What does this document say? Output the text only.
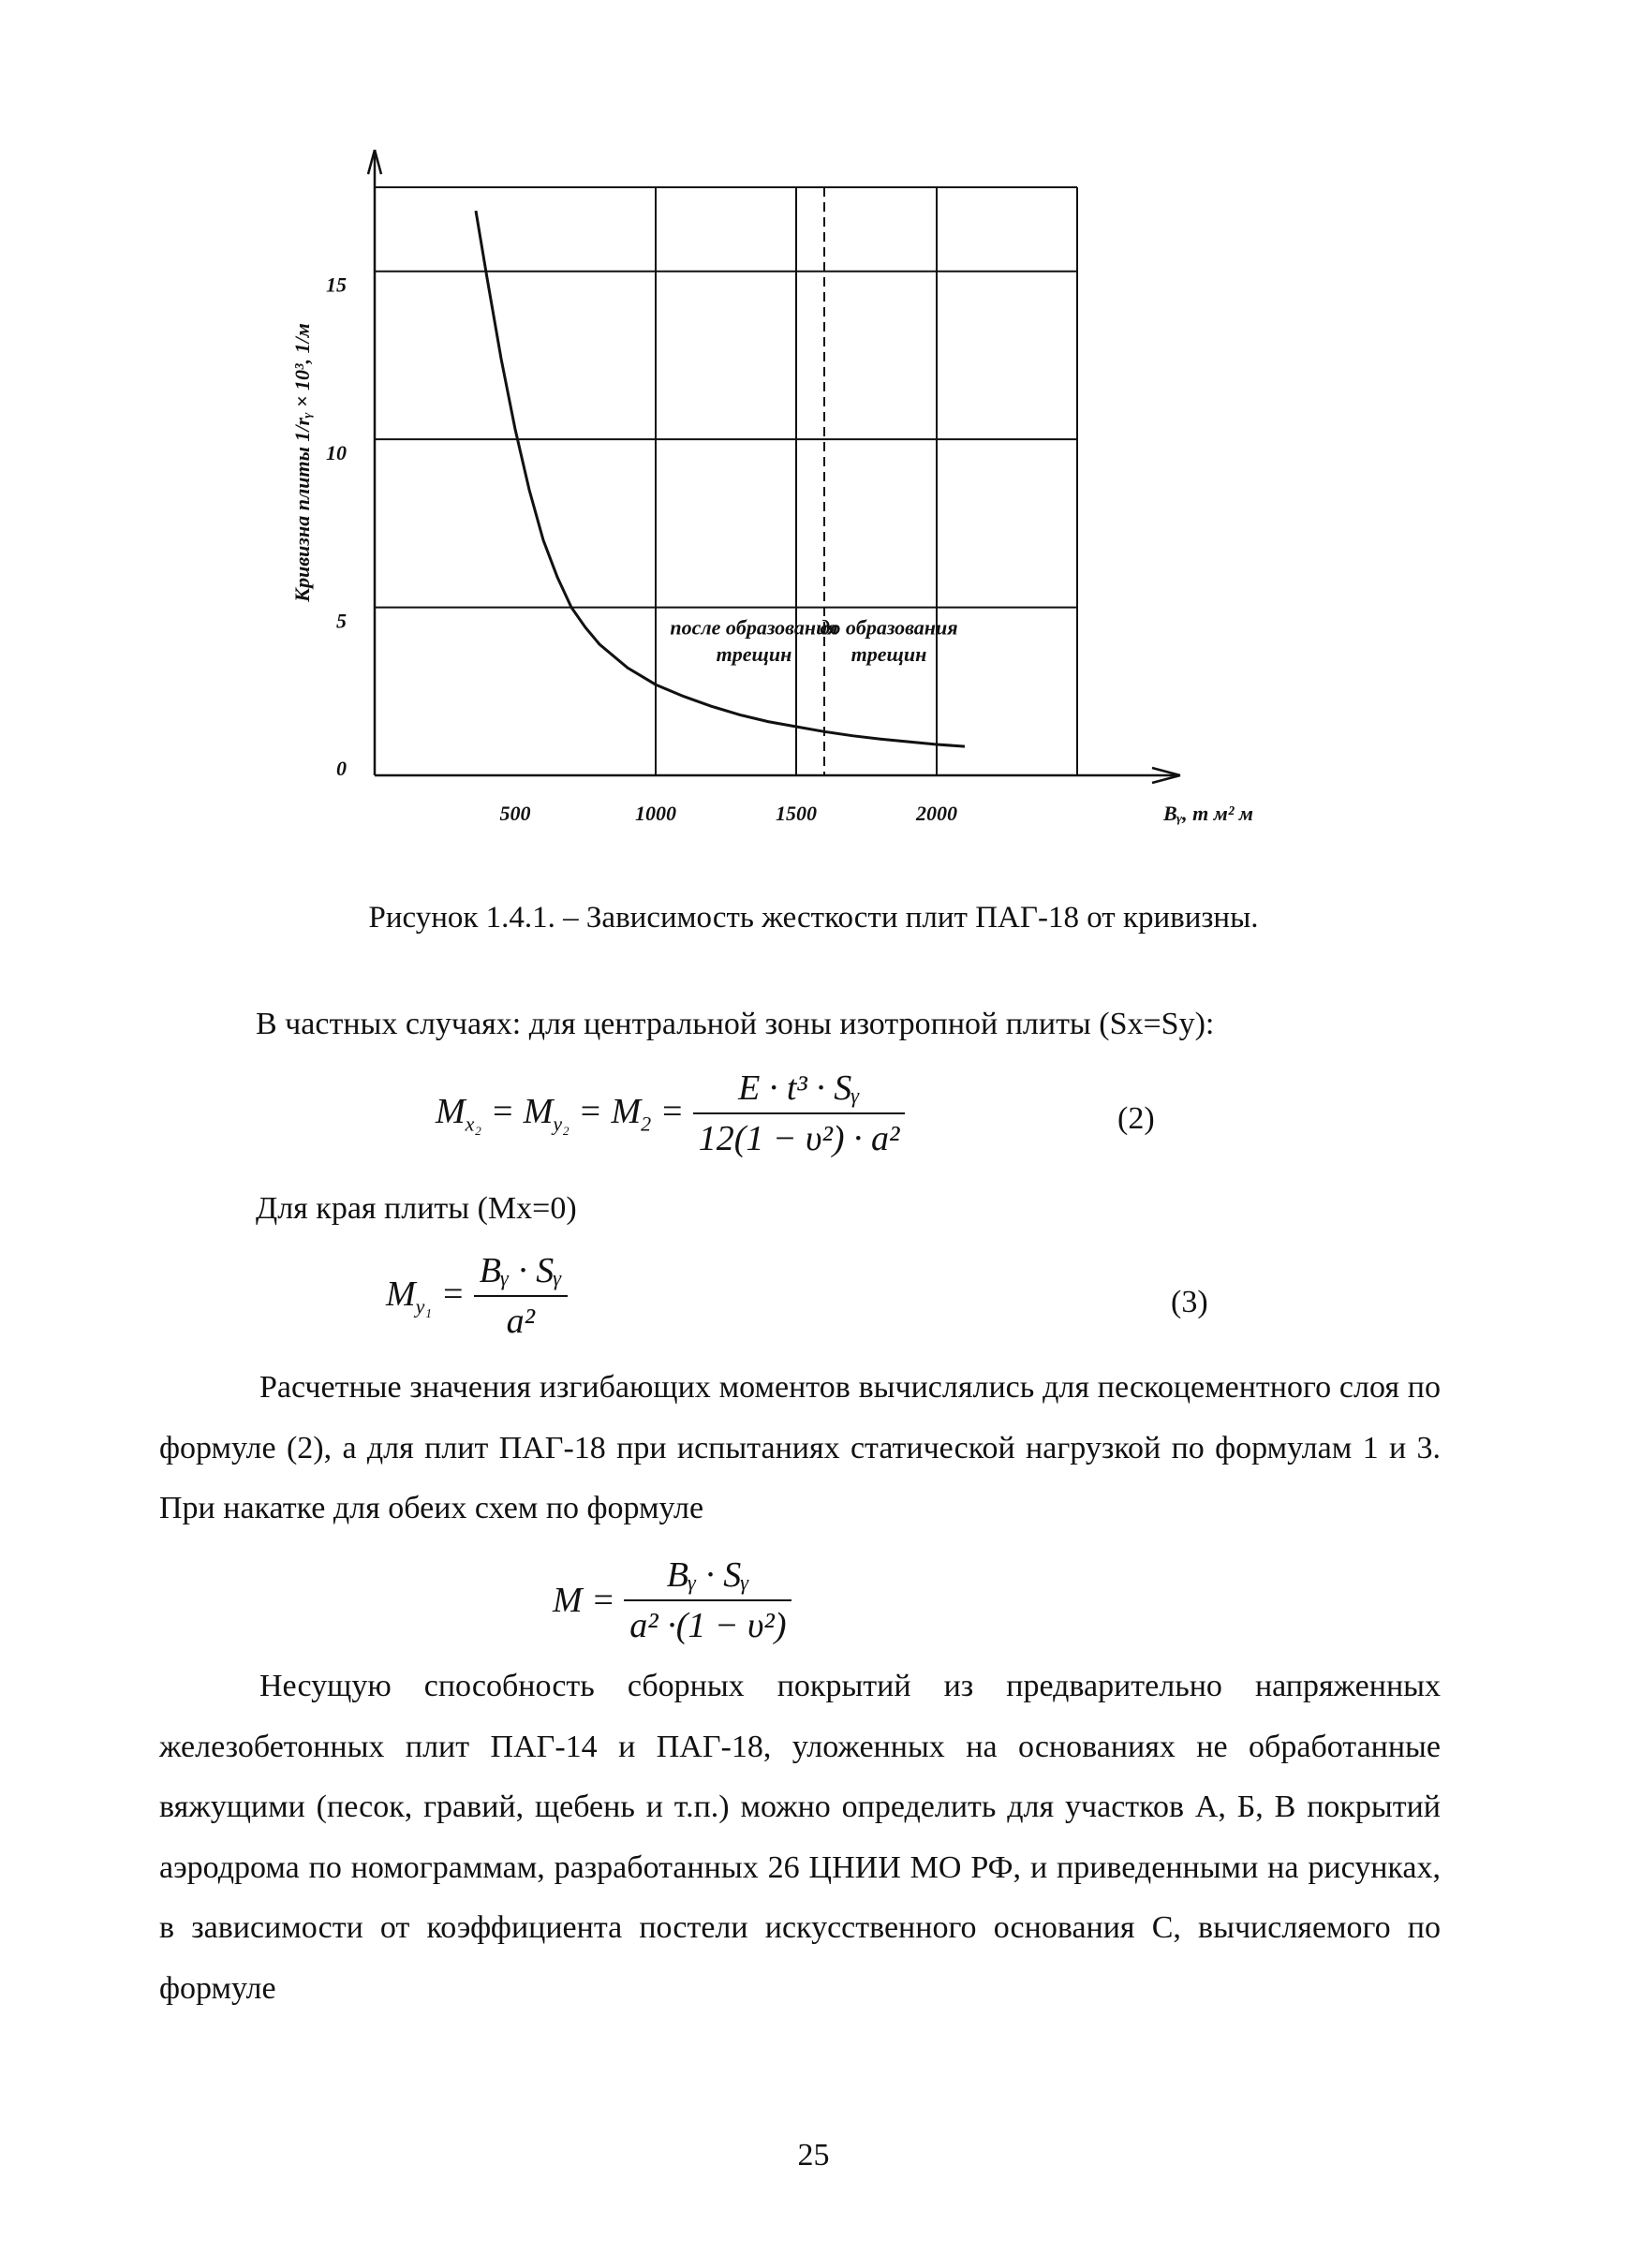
500	1000	1500	2000
0
5
10
15
Bᵧ, т м² м
Кривизна плиты 1/rᵧ × 10³, 1/м
после образования
трещин
до образования
трещин
Рисунок 1.4.1. – Зависимость жесткости плит ПАГ-18 от кривизны.
В частных случаях: для центральной зоны изотропной плиты (Sx=Sy):
$M_{x_2} = M_{y_2} = M_2 = \frac{\text{E · t³ · Sᵧ}}{\text{12(1 − υ²) · a²}}$	(2)
Для края плиты (Mx=0)
$M_{y_1} = \frac{\text{Bᵧ · Sᵧ}}{\text{a²}}$	(3)
Расчетные значения изгибающих моментов вычислялись для пескоцементного слоя по формуле (2), а для плит ПАГ-18 при испытаниях статической нагрузкой по формулам 1 и 3. При накатке для обеих схем по формуле
$M = \frac{\text{Bᵧ · Sᵧ}}{\text{a² ·(1 − υ²)}}$
Несущую способность сборных покрытий из предварительно напряженных железобетонных плит ПАГ-14 и ПАГ-18, уложенных на основаниях не обработанные вяжущими (песок, гравий, щебень и т.п.) можно определить для участков А, Б, В покрытий аэродрома по номограммам, разработанных 26 ЦНИИ МО РФ, и приведенными на рисунках, в зависимости от коэффициента постели искусственного основания С, вычисляемого по формуле
25
